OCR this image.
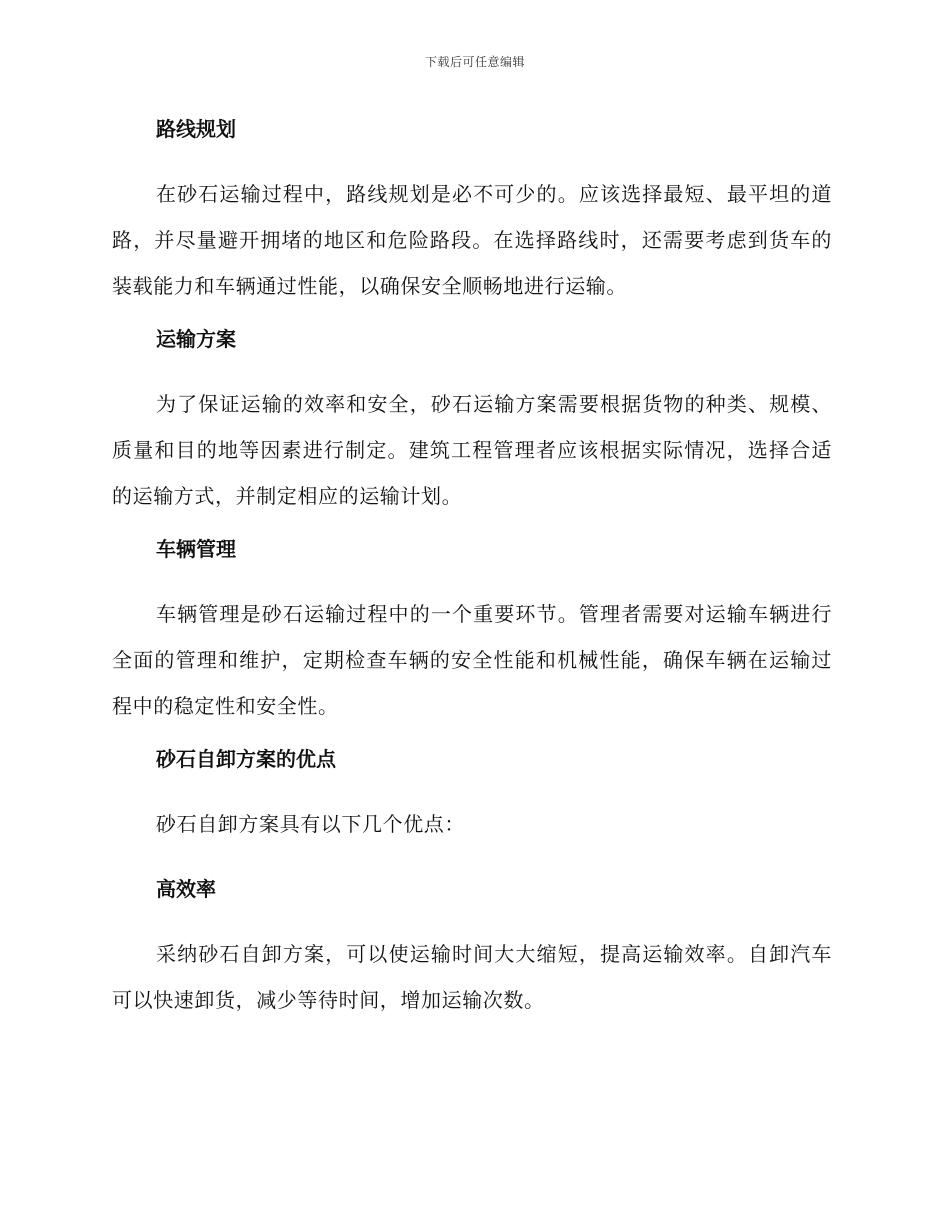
下载后可任意编辑
路线规划

在砂石运输过程中，路线规划是必不可少的。应该选择最短、最平坦的道路，并尽量避开拥堵的地区和危险路段。在选择路线时，还需要考虑到货车的装载能力和车辆通过性能，以确保安全顺畅地进行运输。

运输方案

为了保证运输的效率和安全，砂石运输方案需要根据货物的种类、规模、质量和目的地等因素进行制定。建筑工程管理者应该根据实际情况，选择合适的运输方式，并制定相应的运输计划。

车辆管理

车辆管理是砂石运输过程中的一个重要环节。管理者需要对运输车辆进行全面的管理和维护，定期检查车辆的安全性能和机械性能，确保车辆在运输过程中的稳定性和安全性。

砂石自卸方案的优点

砂石自卸方案具有以下几个优点：

高效率

采纳砂石自卸方案，可以使运输时间大大缩短，提高运输效率。自卸汽车可以快速卸货，减少等待时间，增加运输次数。
